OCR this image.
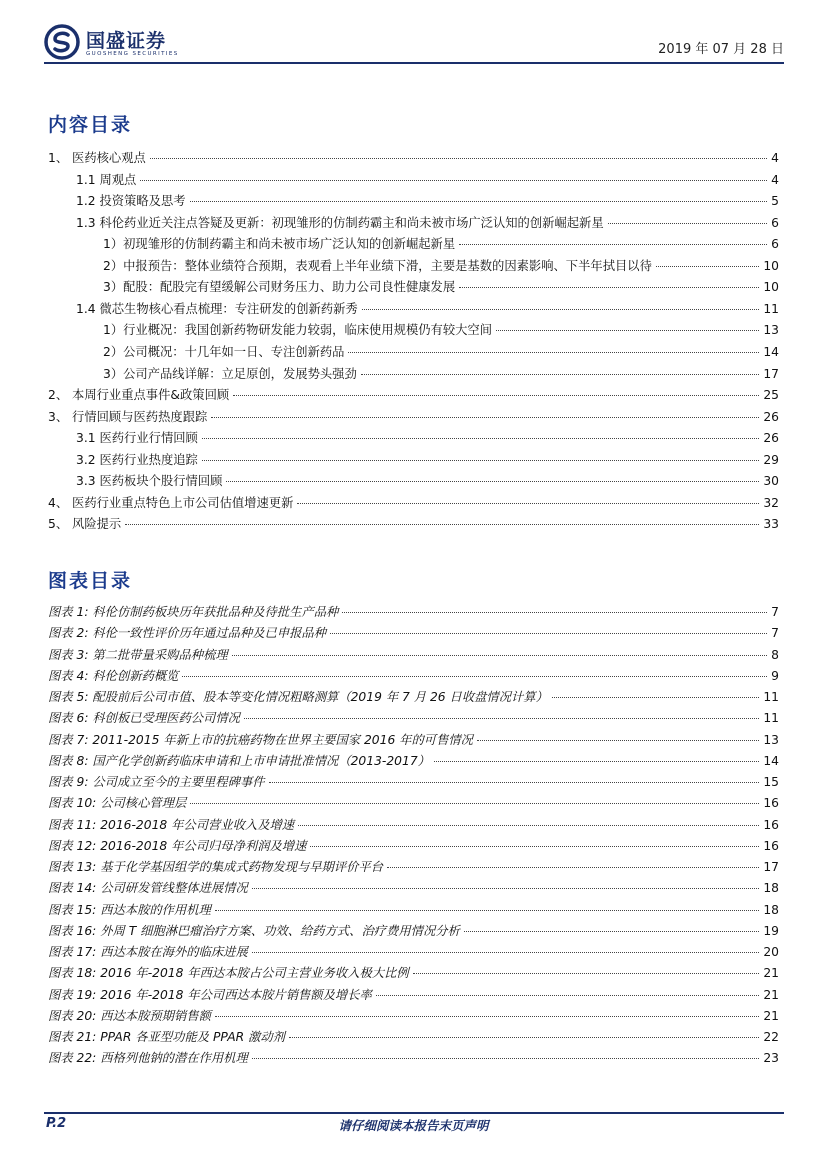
国盛证券
GUOSHENG SECURITIES	2019 年 07 月 28 日
内容目录
1、 医药核心观点	4
1.1 周观点	4
1.2 投资策略及思考	5
1.3 科伦药业近关注点答疑及更新：初现雏形的仿制药霸主和尚未被市场广泛认知的创新崛起新星	6
1）初现雏形的仿制药霸主和尚未被市场广泛认知的创新崛起新星	6
2）中报预告：整体业绩符合预期，表观看上半年业绩下滑，主要是基数的因素影响、下半年拭目以待	10
3）配股：配股完有望缓解公司财务压力、助力公司良性健康发展	10
1.4 微芯生物核心看点梳理：专注研发的创新药新秀	11
1）行业概况：我国创新药物研发能力较弱，临床使用规模仍有较大空间	13
2）公司概况：十几年如一日、专注创新药品	14
3）公司产品线详解：立足原创，发展势头强劲	17
2、 本周行业重点事件&政策回顾	25
3、 行情回顾与医药热度跟踪	26
3.1 医药行业行情回顾	26
3.2 医药行业热度追踪	29
3.3 医药板块个股行情回顾	30
4、 医药行业重点特色上市公司估值增速更新	32
5、 风险提示	33
图表目录
图表 1: 科伦仿制药板块历年获批品种及待批生产品种	7
图表 2: 科伦一致性评价历年通过品种及已申报品种	7
图表 3: 第二批带量采购品种梳理	8
图表 4: 科伦创新药概览	9
图表 5: 配股前后公司市值、股本等变化情况粗略测算（2019 年 7 月 26 日收盘情况计算）	11
图表 6: 科创板已受理医药公司情况	11
图表 7: 2011-2015 年新上市的抗癌药物在世界主要国家 2016 年的可售情况	13
图表 8: 国产化学创新药临床申请和上市申请批准情况（2013-2017）	14
图表 9: 公司成立至今的主要里程碑事件	15
图表 10: 公司核心管理层	16
图表 11: 2016-2018 年公司营业收入及增速	16
图表 12: 2016-2018 年公司归母净利润及增速	16
图表 13: 基于化学基因组学的集成式药物发现与早期评价平台	17
图表 14: 公司研发管线整体进展情况	18
图表 15: 西达本胺的作用机理	18
图表 16: 外周 T 细胞淋巴瘤治疗方案、功效、给药方式、治疗费用情况分析	19
图表 17: 西达本胺在海外的临床进展	20
图表 18: 2016 年-2018 年西达本胺占公司主营业务收入极大比例	21
图表 19: 2016 年-2018 年公司西达本胺片销售额及增长率	21
图表 20: 西达本胺预期销售额	21
图表 21: PPAR 各亚型功能及 PPAR 激动剂	22
图表 22: 西格列他钠的潜在作用机理	23
P.2	请仔细阅读本报告末页声明
